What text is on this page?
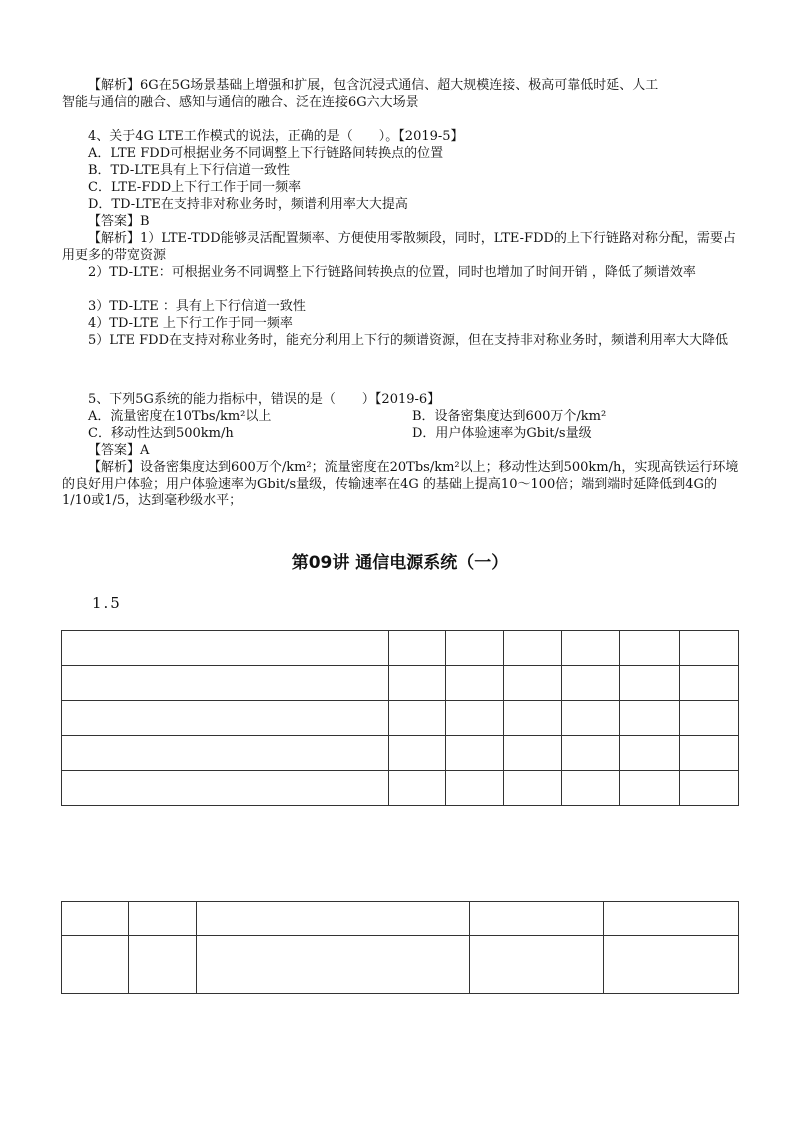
【解析】6G在5G场景基础上增强和扩展，包含沉浸式通信、超大规模连接、极高可靠低时延、人工
智能与通信的融合、感知与通信的融合、泛在连接6G六大场景
4、关于4G LTE工作模式的说法，正确的是（　　）。【2019-5】
A．LTE FDD可根据业务不同调整上下行链路间转换点的位置
B．TD-LTE具有上下行信道一致性
C．LTE-FDD上下行工作于同一频率
D．TD-LTE在支持非对称业务时，频谱利用率大大提高
【答案】B
【解析】1）LTE-TDD能够灵活配置频率、方便使用零散频段，同时，LTE-FDD的上下行链路对称分配，需要占用更多的带宽资源
2）TD-LTE：可根据业务不同调整上下行链路间转换点的位置，同时也增加了时间开销 ，降低了频谱效率
3）TD-LTE ：具有上下行信道一致性
4）TD-LTE 上下行工作于同一频率
5）LTE FDD在支持对称业务时，能充分利用上下行的频谱资源，但在支持非对称业务时，频谱利用率大大降低
5、下列5G系统的能力指标中，错误的是（　　）【2019-6】
A．流量密度在10Tbs/km²以上	B．设备密集度达到600万个/km²
C．移动性达到500km/h	D．用户体验速率为Gbit/s量级
【答案】A
【解析】设备密集度达到600万个/km²；流量密度在20Tbs/km²以上；移动性达到500km/h，实现高铁运行环境的良好用户体验；用户体验速率为Gbit/s量级，传输速率在4G 的基础上提高10～100倍；端到端时延降低到4G的1/10或1/5，达到毫秒级水平；
第09讲 通信电源系统（一）
1.5
